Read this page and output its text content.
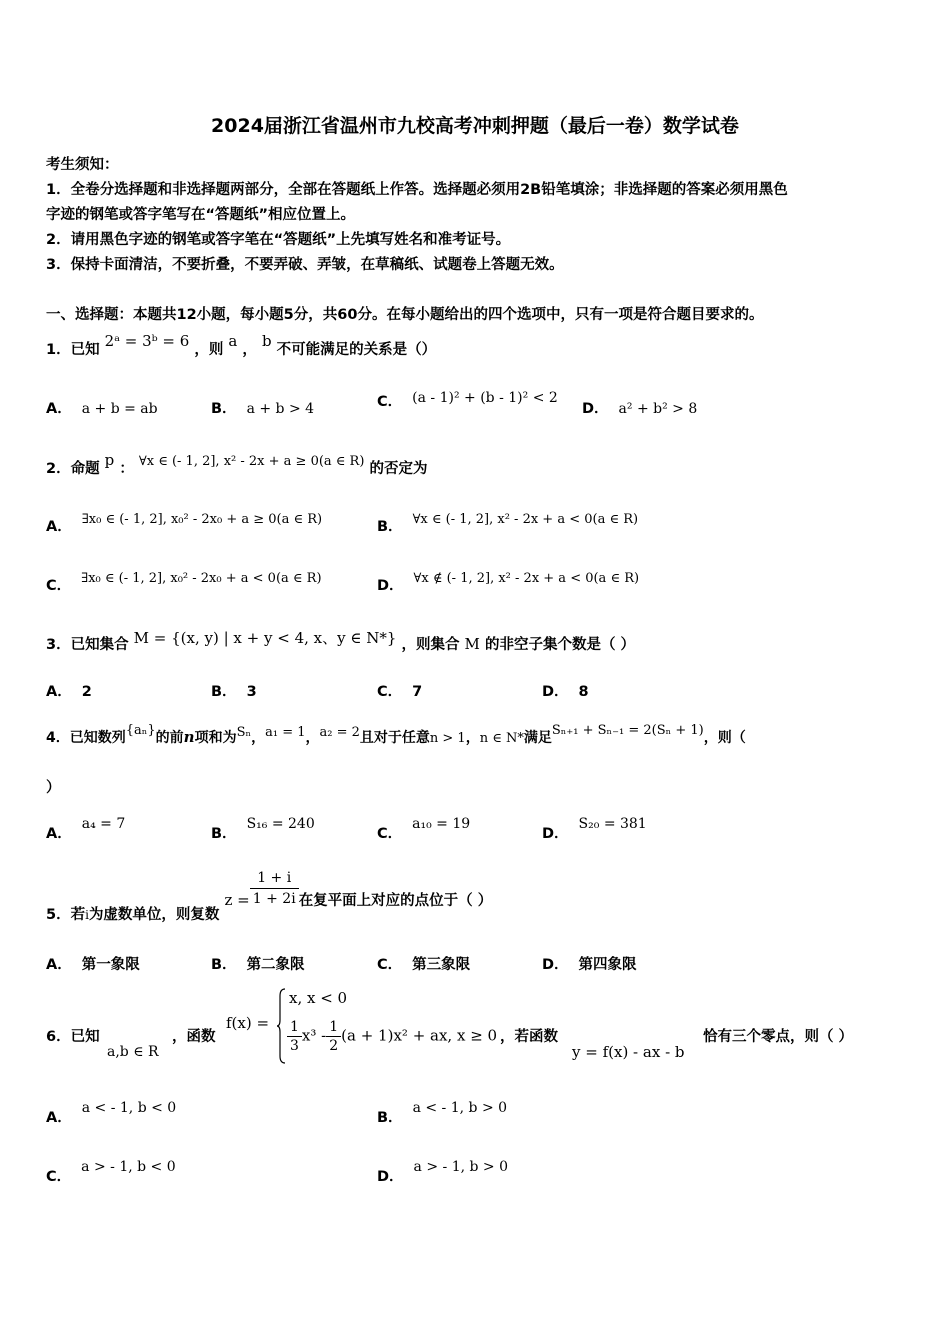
2024届浙江省温州市九校高考冲刺押题（最后一卷）数学试卷
考生须知：
1．全卷分选择题和非选择题两部分，全部在答题纸上作答。选择题必须用2B铅笔填涂；非选择题的答案必须用黑色
字迹的钢笔或答字笔写在“答题纸”相应位置上。
2．请用黑色字迹的钢笔或答字笔在“答题纸”上先填写姓名和准考证号。
3．保持卡面清洁，不要折叠，不要弄破、弄皱，在草稿纸、试题卷上答题无效。
一、选择题：本题共12小题，每小题5分，共60分。在每小题给出的四个选项中，只有一项是符合题目要求的。
1．已知 2ᵃ = 3ᵇ = 6 ，则 a ， b 不可能满足的关系是（）
A． a + b = ab	B． a + b > 4	C． (a - 1)² + (b - 1)² < 2
D． a² + b² > 8
2．命题 p ： ∀x ∈ (- 1, 2], x² - 2x + a ≥ 0(a ∈ R) 的否定为
A． ∃x₀ ∈ (- 1, 2], x₀² - 2x₀ + a ≥ 0(a ∈ R)	B． ∀x ∈ (- 1, 2], x² - 2x + a < 0(a ∈ R)
C． ∃x₀ ∈ (- 1, 2], x₀² - 2x₀ + a < 0(a ∈ R)	D． ∀x ∉ (- 1, 2], x² - 2x + a < 0(a ∈ R)
3．已知集合 M = {(x, y) | x + y < 4, x、y ∈ N*} ，则集合 M 的非空子集个数是（ ）
A． 2	B． 3	C． 7	D． 8
4．已知数列{aₙ}的前n项和为Sₙ，a₁ = 1，a₂ = 2且对于任意n > 1，n ∈ N*满足Sₙ₊₁ + Sₙ₋₁ = 2(Sₙ + 1)，则（
）
A．a₄ = 7
B．S₁₆ = 240
C．a₁₀ = 19
D．S₂₀ = 381
5．若$_i$为虚数单位，则复数 $z = \frac{1 + i}{1 + 2i}$ 在复平面上对应的点位于（ ）
A． 第一象限	B． 第二象限	C． 第三象限	D． 第四象限
6．已知
a,b ∈ R
，函数
f(x) =
x, x < 0
$\frac{1}{3} x^3 - \frac{1}{2} (a + 1)x^2$ + ax, x ≥ 0 ，若函数
y = f(x) - ax - b
恰有三个零点，则（ ）
A．a < - 1, b < 0
B．a < - 1, b > 0
C．a > - 1, b < 0
D．a > - 1, b > 0
